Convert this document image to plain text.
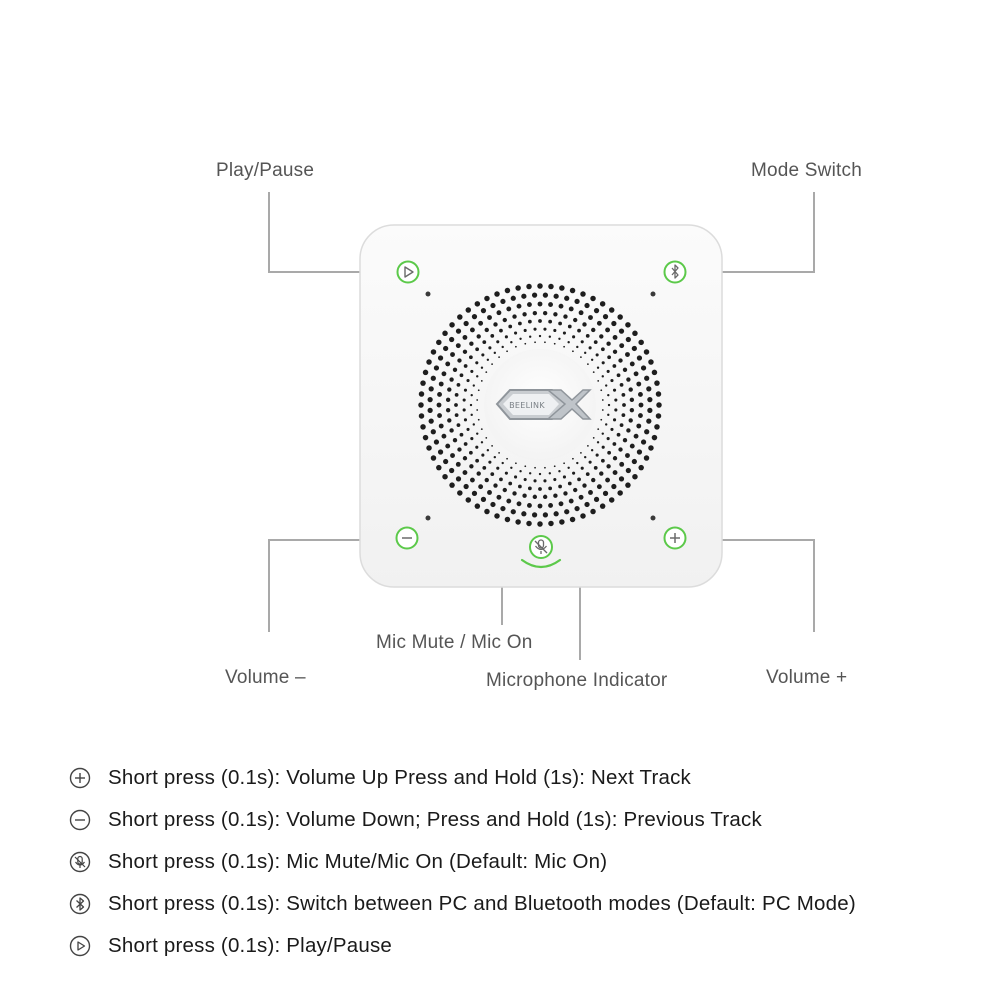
BEELINK
Play/Pause	Mode Switch
Volume –
Mic Mute / Mic On
Microphone Indicator	Volume +
Short press (0.1s): Volume Up Press and Hold (1s): Next Track
Short press (0.1s): Volume Down; Press and Hold (1s): Previous Track
Short press (0.1s): Mic Mute/Mic On (Default: Mic On)
Short press (0.1s): Switch between PC and Bluetooth modes (Default: PC Mode)
Short press (0.1s): Play/Pause
